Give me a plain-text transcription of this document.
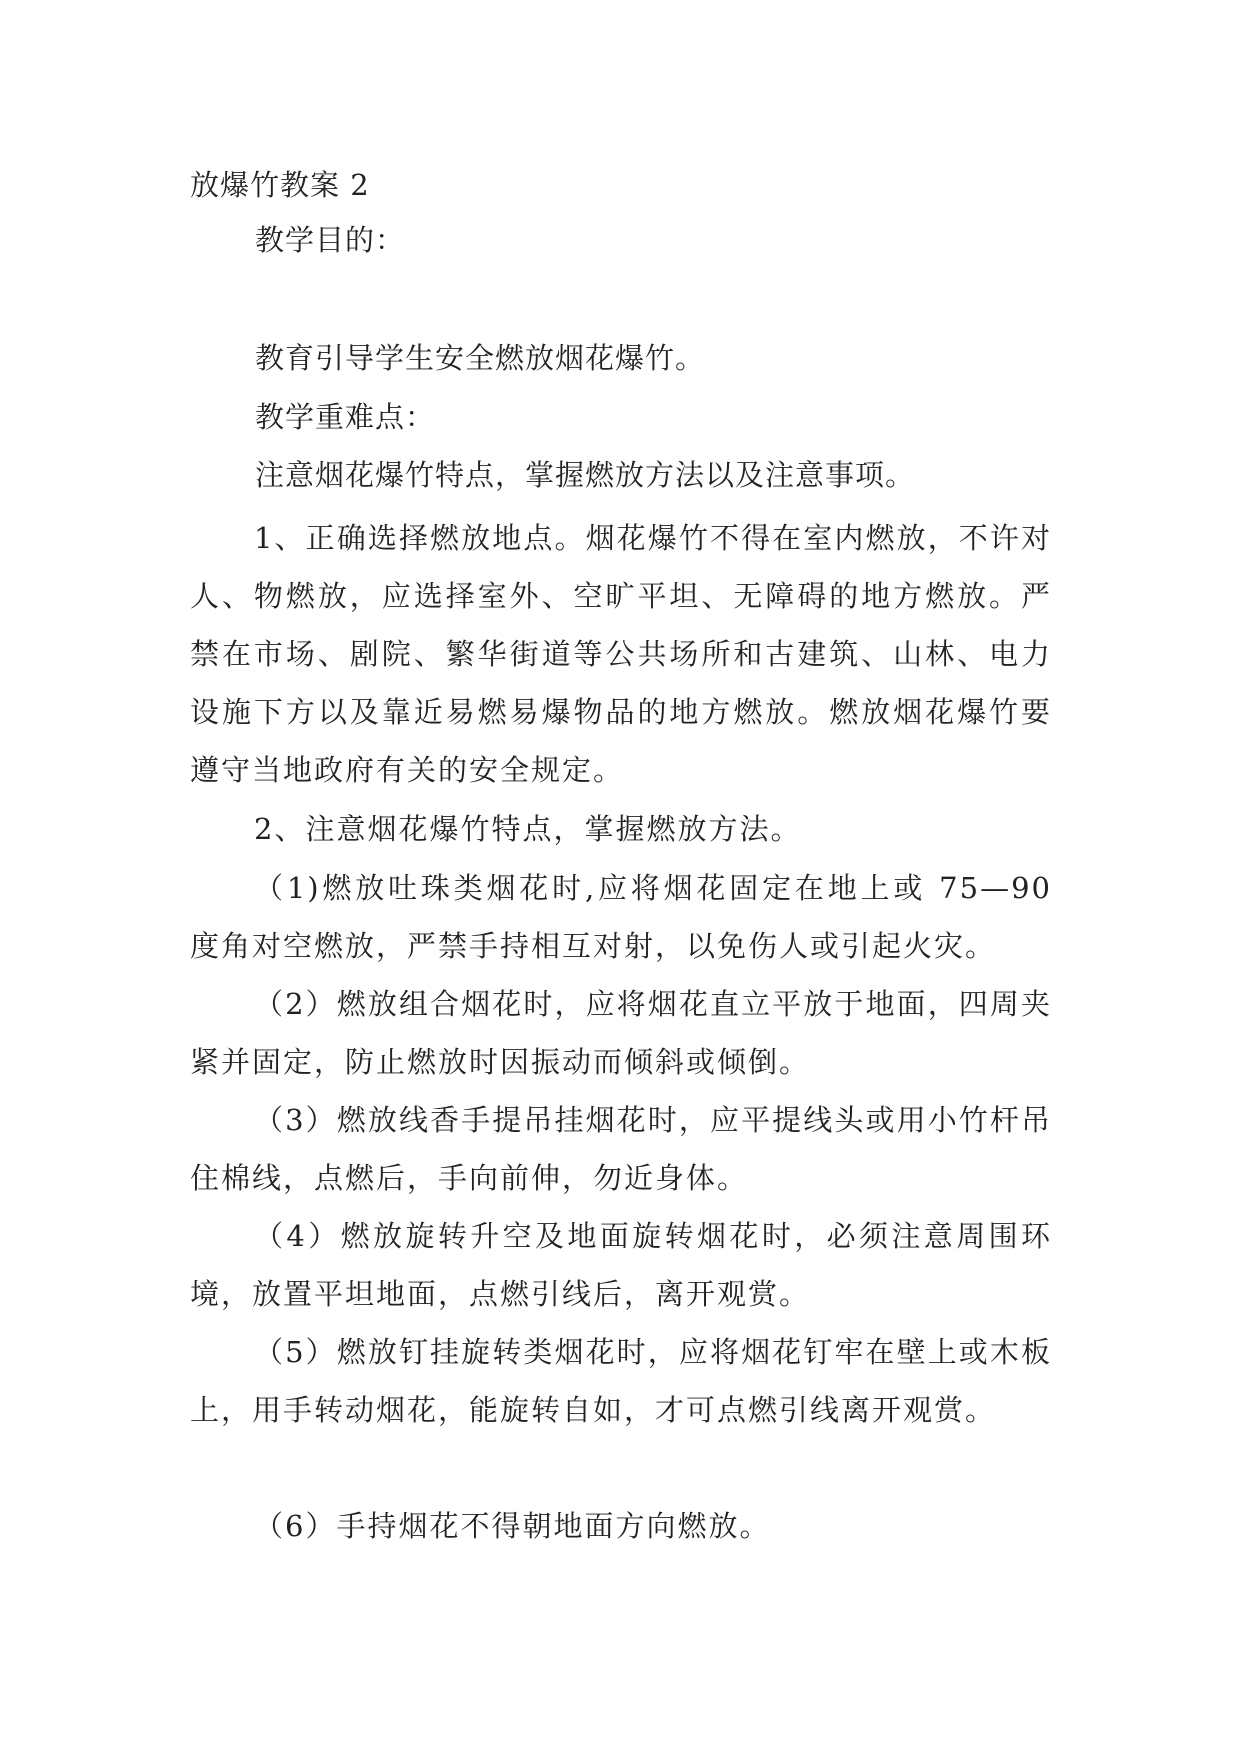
放爆竹教案 2
教学目的：
教育引导学生安全燃放烟花爆竹。
教学重难点：
注意烟花爆竹特点，掌握燃放方法以及注意事项。
1、正确选择燃放地点。烟花爆竹不得在室内燃放，不许对人、物燃放，应选择室外、空旷平坦、无障碍的地方燃放。严禁在市场、剧院、繁华街道等公共场所和古建筑、山林、电力设施下方以及靠近易燃易爆物品的地方燃放。燃放烟花爆竹要遵守当地政府有关的安全规定。
2、注意烟花爆竹特点，掌握燃放方法。
（1)燃放吐珠类烟花时,应将烟花固定在地上或 75—90 度角对空燃放，严禁手持相互对射，以免伤人或引起火灾。
（2）燃放组合烟花时，应将烟花直立平放于地面，四周夹紧并固定，防止燃放时因振动而倾斜或倾倒。
（3）燃放线香手提吊挂烟花时，应平提线头或用小竹杆吊住棉线，点燃后，手向前伸，勿近身体。
（4）燃放旋转升空及地面旋转烟花时，必须注意周围环境，放置平坦地面，点燃引线后，离开观赏。
（5）燃放钉挂旋转类烟花时，应将烟花钉牢在壁上或木板上，用手转动烟花，能旋转自如，才可点燃引线离开观赏。
（6）手持烟花不得朝地面方向燃放。
